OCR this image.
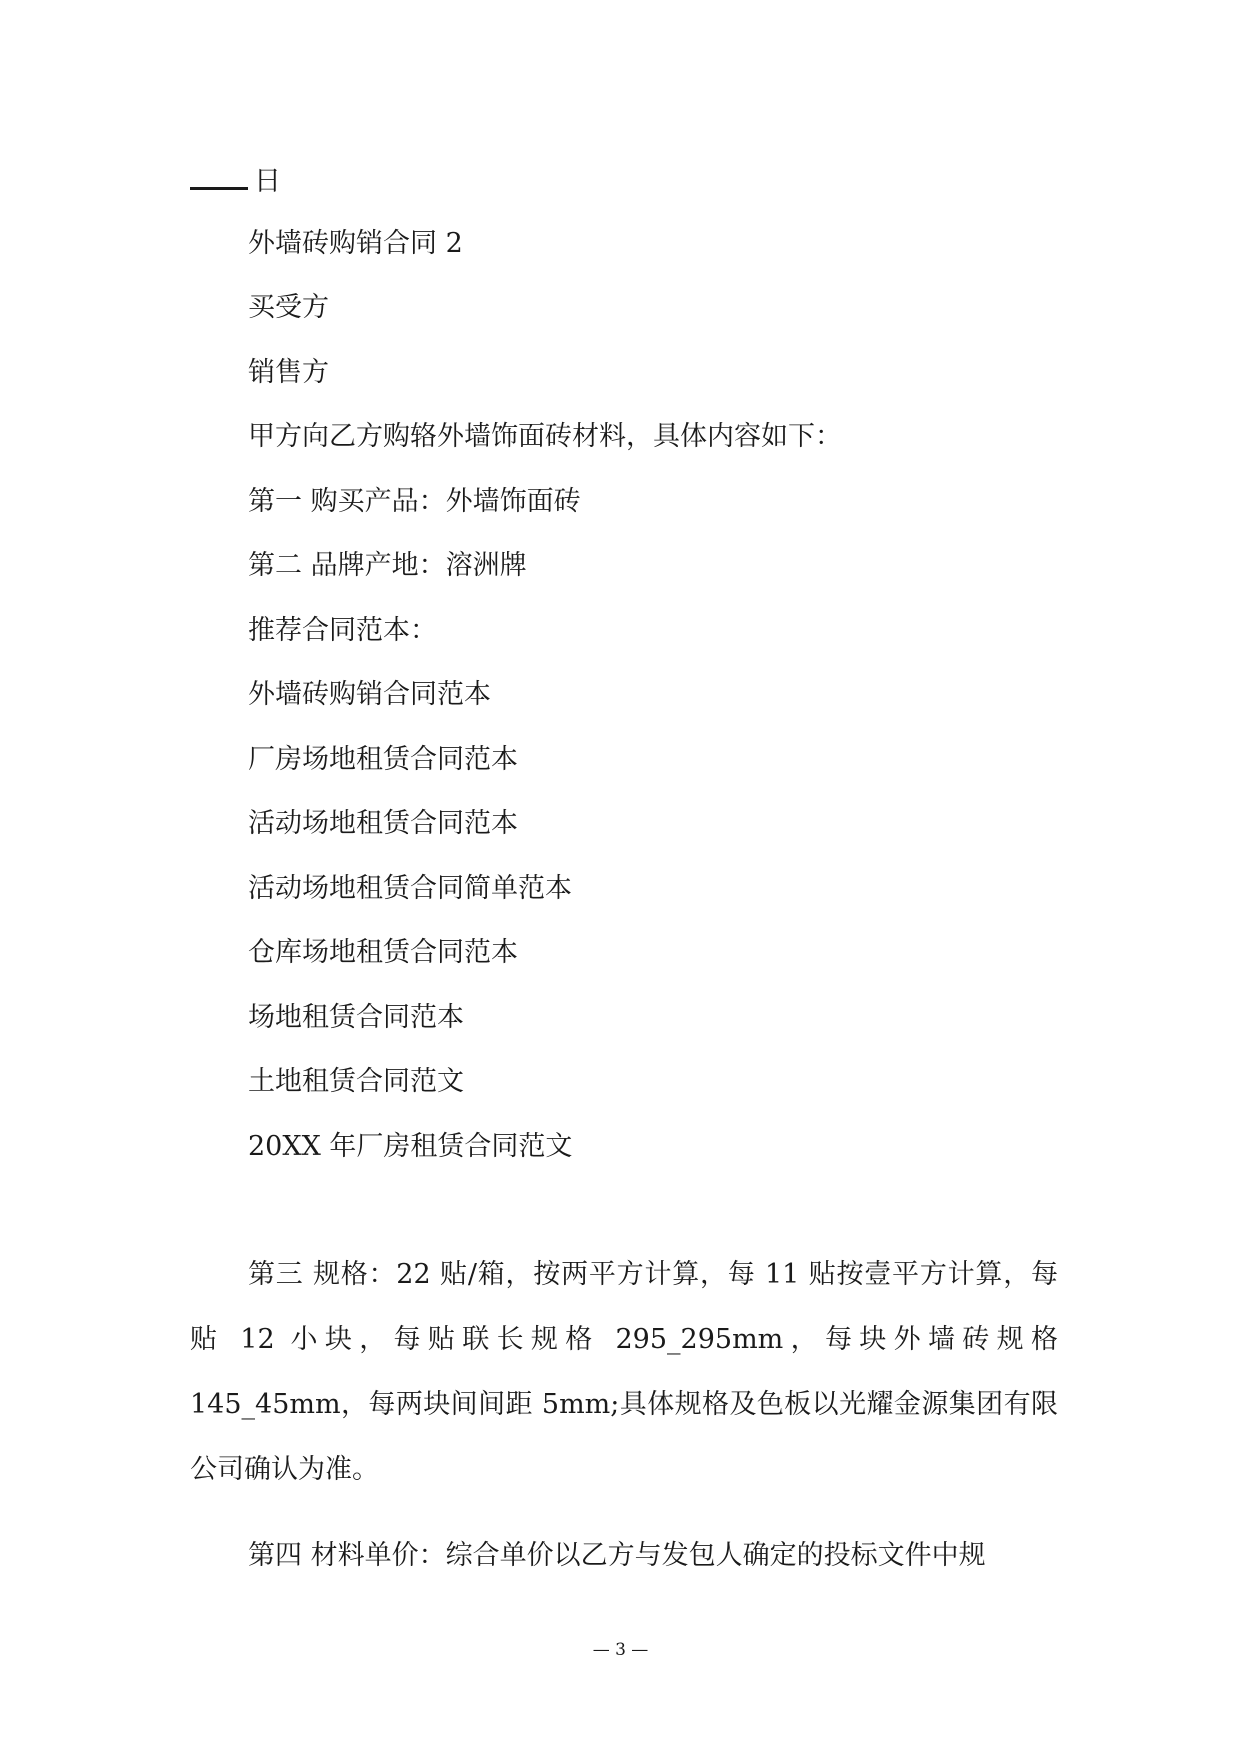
日
外墙砖购销合同 2
买受方
销售方
甲方向乙方购辂外墙饰面砖材料，具体内容如下：
第一 购买产品：外墙饰面砖
第二 品牌产地：溶洲牌
推荐合同范本：
外墙砖购销合同范本
厂房场地租赁合同范本
活动场地租赁合同范本
活动场地租赁合同简单范本
仓库场地租赁合同范本
场地租赁合同范本
土地租赁合同范文
20XX 年厂房租赁合同范文
第三 规格：22 贴/箱，按两平方计算，每 11 贴按壹平方计算，每贴 12 小块，每贴联长规格 295_295mm，每块外墙砖规格 145_45mm，每两块间间距 5mm;具体规格及色板以光耀金源集团有限公司确认为准。
第四 材料单价：综合单价以乙方与发包人确定的投标文件中规
— 3 —
